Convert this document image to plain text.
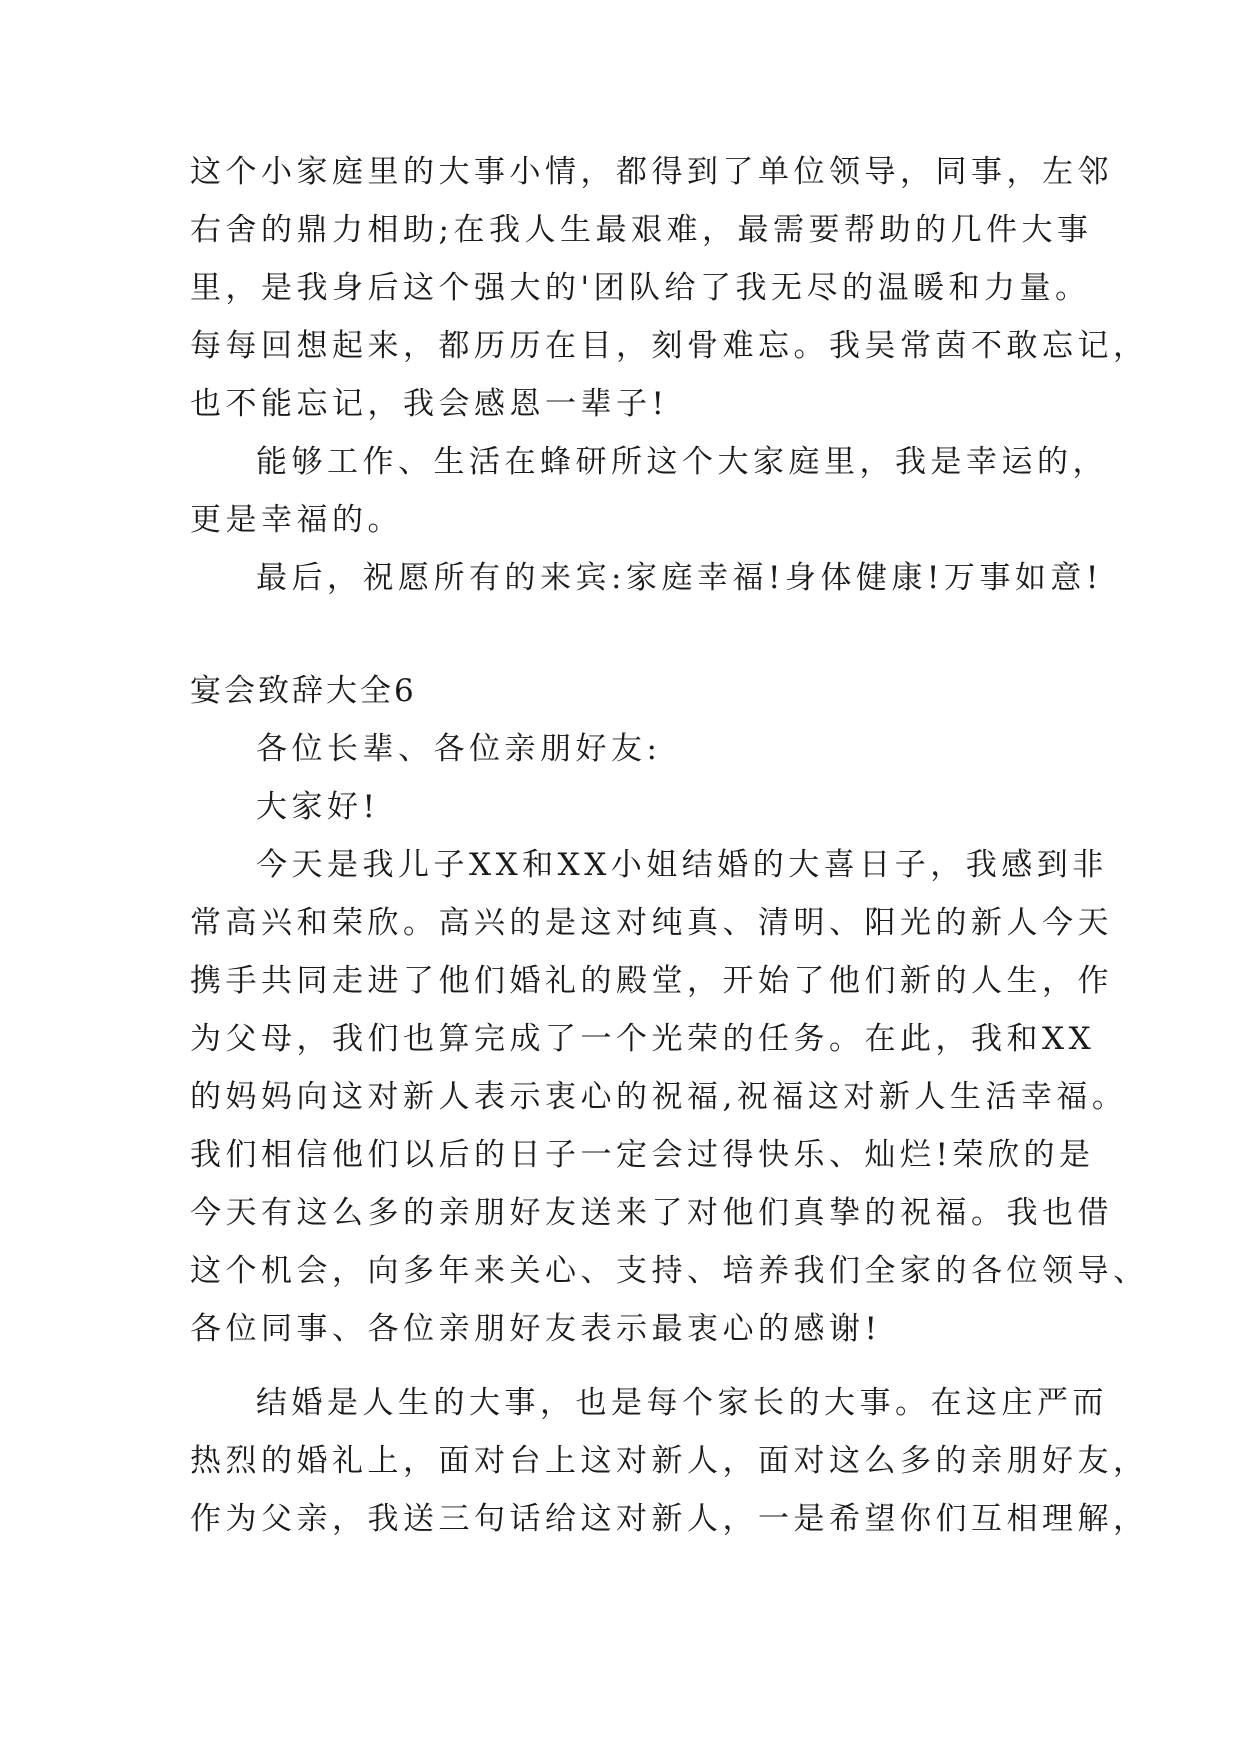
这个小家庭里的大事小情，都得到了单位领导，同事，左邻
右舍的鼎力相助;在我人生最艰难，最需要帮助的几件大事
里，是我身后这个强大的'团队给了我无尽的温暖和力量。
每每回想起来，都历历在目，刻骨难忘。我吴常茵不敢忘记，
也不能忘记，我会感恩一辈子!
能够工作、生活在蜂研所这个大家庭里，我是幸运的，
更是幸福的。
最后，祝愿所有的来宾:家庭幸福!身体健康!万事如意!
宴会致辞大全6
各位长辈、各位亲朋好友:
大家好!
今天是我儿子XX和XX小姐结婚的大喜日子，我感到非
常高兴和荣欣。高兴的是这对纯真、清明、阳光的新人今天
携手共同走进了他们婚礼的殿堂，开始了他们新的人生，作
为父母，我们也算完成了一个光荣的任务。在此，我和XX
的妈妈向这对新人表示衷心的祝福,祝福这对新人生活幸福。
我们相信他们以后的日子一定会过得快乐、灿烂!荣欣的是
今天有这么多的亲朋好友送来了对他们真挚的祝福。我也借
这个机会，向多年来关心、支持、培养我们全家的各位领导、
各位同事、各位亲朋好友表示最衷心的感谢!
结婚是人生的大事，也是每个家长的大事。在这庄严而
热烈的婚礼上，面对台上这对新人，面对这么多的亲朋好友，
作为父亲，我送三句话给这对新人，一是希望你们互相理解，
